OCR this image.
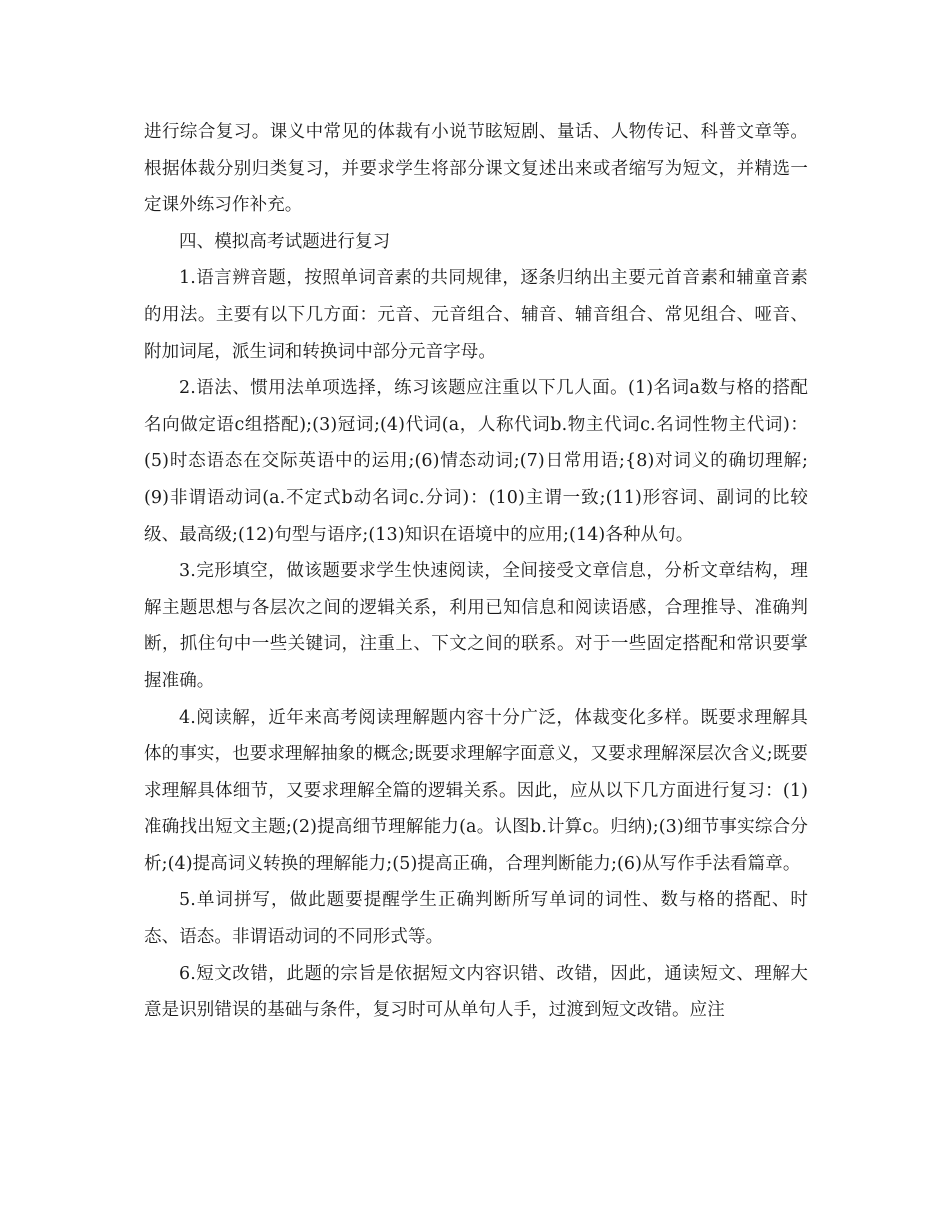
进行综合复习。课义中常见的体裁有小说节眩短剧、量话、人物传记、科普文章等。根据体裁分别归类复习，并要求学生将部分课文复述出来或者缩写为短文，并精选一定课外练习作补充。

四、模拟高考试题进行复习

1.语言辨音题，按照单词音素的共同规律，逐条归纳出主要元首音素和辅童音素的用法。主要有以下几方面：元音、元音组合、辅音、辅音组合、常见组合、哑音、附加词尾，派生词和转换词中部分元音字母。

2.语法、惯用法单项选择，练习该题应注重以下几人面。(1)名词a数与格的搭配名向做定语c组搭配);(3)冠词;(4)代词(a，人称代词b.物主代词c.名词性物主代词)：(5)时态语态在交际英语中的运用;(6)情态动词;(7)日常用语;{8)对词义的确切理解;(9)非谓语动词(a.不定式b动名词c.分词)：(10)主谓一致;(11)形容词、副词的比较级、最高级;(12)句型与语序;(13)知识在语境中的应用;(14)各种从句。

3.完形填空，做该题要求学生快速阅读，全间接受文章信息，分析文章结构，理解主题思想与各层次之间的逻辑关系，利用已知信息和阅读语感，合理推导、准确判断，抓住句中一些关键词，注重上、下文之间的联系。对于一些固定搭配和常识要掌握准确。

4.阅读解，近年来高考阅读理解题内容十分广泛，体裁变化多样。既要求理解具体的事实，也要求理解抽象的概念;既要求理解字面意义，又要求理解深层次含义;既要求理解具体细节，又要求理解全篇的逻辑关系。因此，应从以下几方面进行复习：(1)准确找出短文主题;(2)提高细节理解能力(a。认图b.计算c。归纳);(3)细节事实综合分析;(4)提高词义转换的理解能力;(5)提高正确，合理判断能力;(6)从写作手法看篇章。

5.单词拼写，做此题要提醒学生正确判断所写单词的词性、数与格的搭配、时态、语态。非谓语动词的不同形式等。

6.短文改错，此题的宗旨是依据短文内容识错、改错，因此，通读短文、理解大意是识别错误的基础与条件，复习时可从单句人手，过渡到短文改错。应注
